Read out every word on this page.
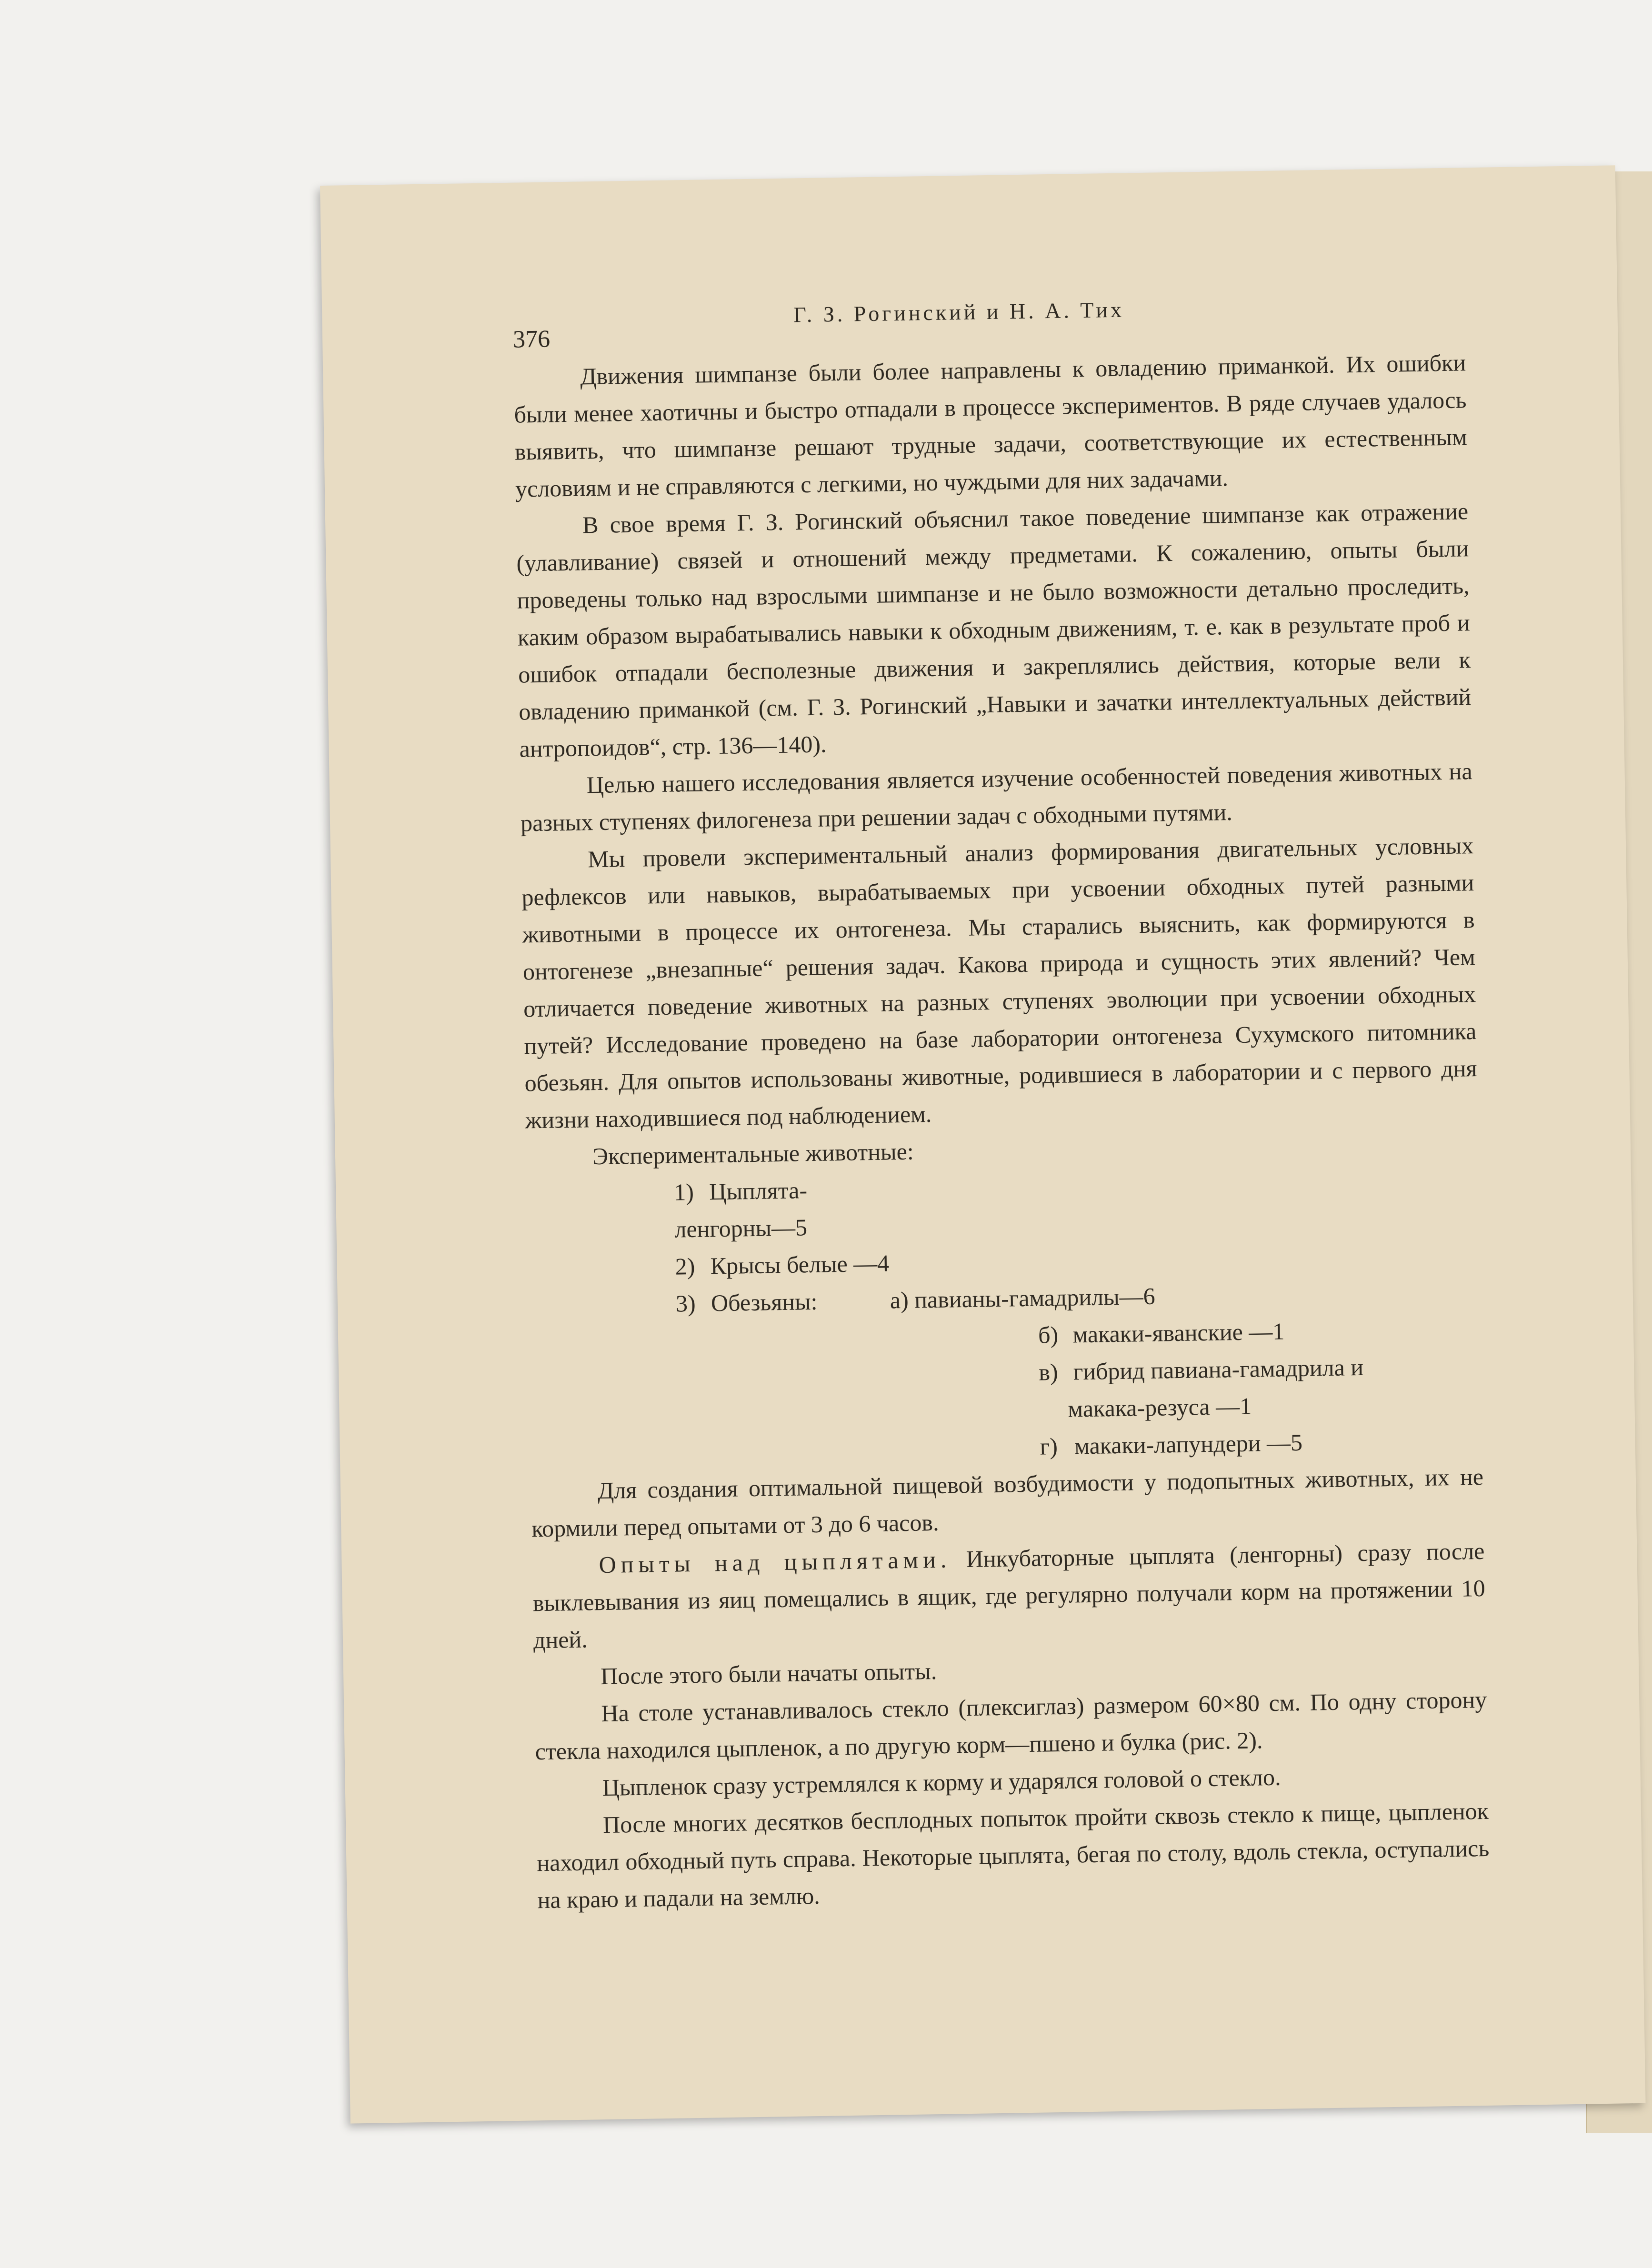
376
Г. З. Рогинский и Н. А. Тих

Движения шимпанзе были более направлены к овладению приманкой. Их ошибки были менее хаотичны и быстро отпадали в процессе экспериментов. В ряде случаев удалось выявить, что шимпанзе решают трудные задачи, соответствующие их естественным условиям и не справляются с легкими, но чуждыми для них задачами.

В свое время Г. З. Рогинский объяснил такое поведение шимпанзе как отражение (улавливание) связей и отношений между предметами. К сожалению, опыты были проведены только над взрослыми шимпанзе и не было возможности детально проследить, каким образом вырабатывались навыки к обходным движениям, т. е. как в результате проб и ошибок отпадали бесполезные движения и закреплялись действия, которые вели к овладению приманкой (см. Г. З. Рогинский „Навыки и зачатки интеллектуальных действий антропоидов“, стр. 136—140).

Целью нашего исследования является изучение особенностей поведения животных на разных ступенях филогенеза при решении задач с обходными путями.

Мы провели экспериментальный анализ формирования двигательных условных рефлексов или навыков, вырабатываемых при усвоении обходных путей разными животными в процессе их онтогенеза. Мы старались выяснить, как формируются в онтогенезе „внезапные“ решения задач. Какова природа и сущность этих явлений? Чем отличается поведение животных на разных ступенях эволюции при усвоении обходных путей? Исследование проведено на базе лаборатории онтогенеза Сухумского питомника обезьян. Для опытов использованы животные, родившиеся в лаборатории и с первого дня жизни находившиеся под наблюдением.

Экспериментальные животные:
1) Цыплята-ленгорны—5
2) Крысы белые —4
3) Обезьяны:	а) павианы-гамадрилы—6
б) макаки-яванские —1
в) гибрид павиана-гамадрила и
макака-резуса —1
г) макаки-лапундери —5

Для создания оптимальной пищевой возбудимости у подопытных животных, их не кормили перед опытами от 3 до 6 часов.

Опыты над цыплятами. Инкубаторные цыплята (ленгорны) сразу после выклевывания из яиц помещались в ящик, где регулярно получали корм на протяжении 10 дней.

После этого были начаты опыты.

На столе устанавливалось стекло (плексиглаз) размером 60×80 см. По одну сторону стекла находился цыпленок, а по другую корм—пшено и булка (рис. 2).

Цыпленок сразу устремлялся к корму и ударялся головой о стекло.

После многих десятков бесплодных попыток пройти сквозь стекло к пище, цыпленок находил обходный путь справа. Некоторые цыплята, бегая по столу, вдоль стекла, оступались на краю и падали на землю.
